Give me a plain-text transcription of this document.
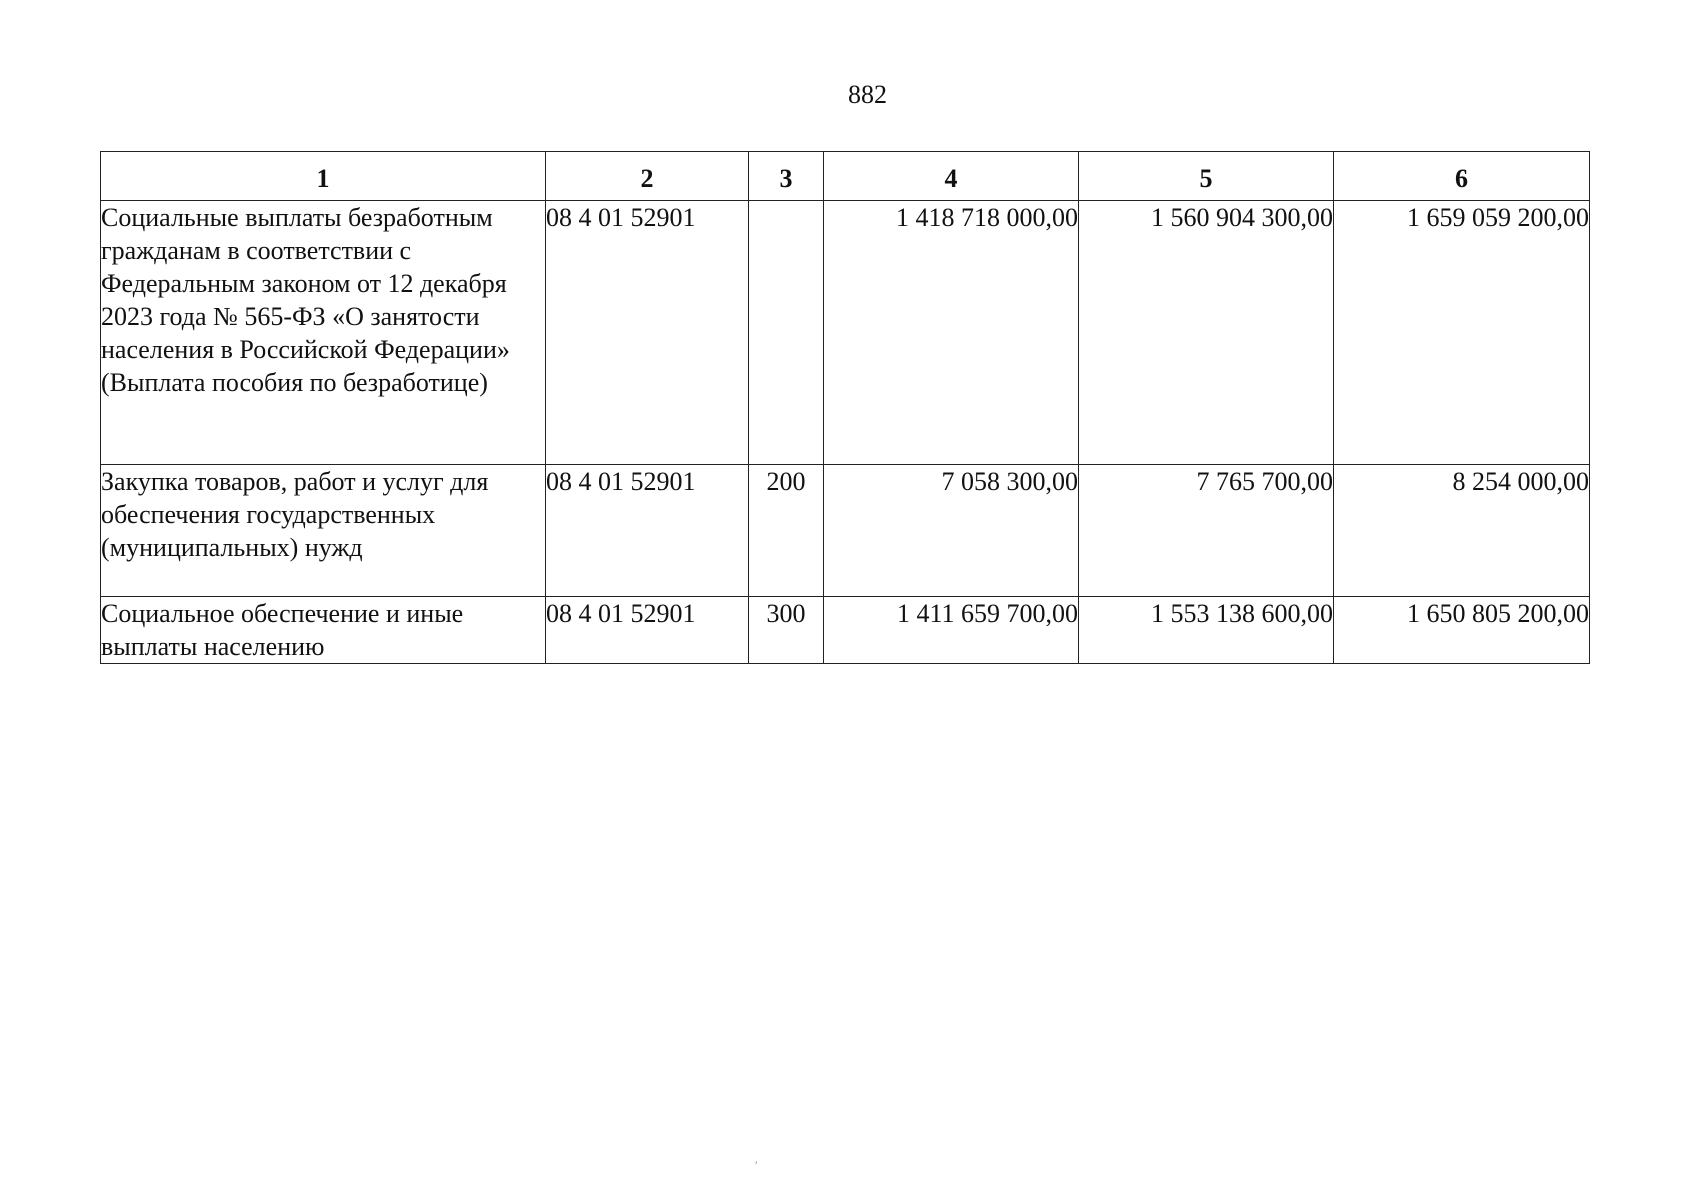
882
1	2	3	4	5	6
Социальные выплаты безработным гражданам в соответствии с Федеральным законом от 12 декабря 2023 года № 565-ФЗ «О занятости населения в Российской Федерации» (Выплата пособия по безработице)	08 4 01 52901		1 418 718 000,00	1 560 904 300,00	1 659 059 200,00
Закупка товаров, работ и услуг для обеспечения государственных (муниципальных) нужд	08 4 01 52901	200	7 058 300,00	7 765 700,00	8 254 000,00
Социальное обеспечение и иные выплаты населению	08 4 01 52901	300	1 411 659 700,00	1 553 138 600,00	1 650 805 200,00
′
